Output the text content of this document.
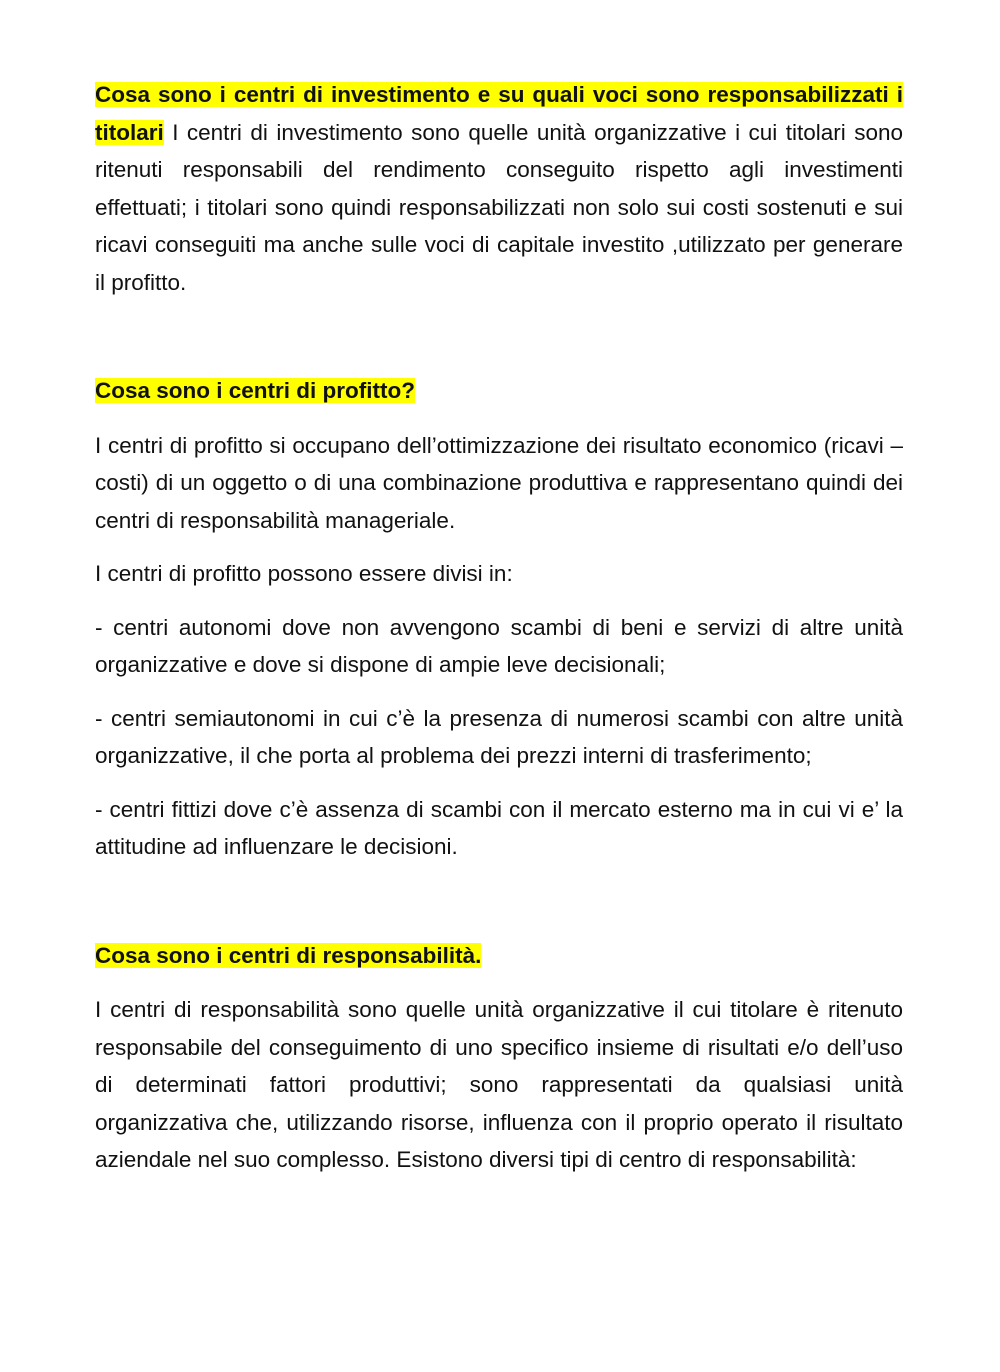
Cosa sono i centri di investimento e su quali voci sono responsabilizzati i titolari I centri di investimento sono quelle unità organizzative i cui titolari sono ritenuti responsabili del rendimento conseguito rispetto agli investimenti effettuati; i titolari sono quindi responsabilizzati non solo sui costi sostenuti e sui ricavi conseguiti ma anche sulle voci di capitale investito ,utilizzato per generare il profitto.

Cosa sono i centri di profitto?

I centri di profitto si occupano dell’ottimizzazione dei risultato economico (ricavi –costi) di un oggetto o di una combinazione produttiva e rappresentano quindi dei centri di responsabilità manageriale.

I centri di profitto possono essere divisi in:

- centri autonomi dove non avvengono scambi di beni e servizi di altre unità organizzative e dove si dispone di ampie leve decisionali;

- centri semiautonomi in cui c’è la presenza di numerosi scambi con altre unità organizzative, il che porta al problema dei prezzi interni di trasferimento;

- centri fittizi dove c’è assenza di scambi con il mercato esterno ma in cui vi e’ la attitudine ad influenzare le decisioni.

Cosa sono i centri di responsabilità.

I centri di responsabilità sono quelle unità organizzative il cui titolare è ritenuto responsabile del conseguimento di uno specifico insieme di risultati e/o dell’uso di determinati fattori produttivi; sono rappresentati da qualsiasi unità organizzativa che, utilizzando risorse, influenza con il proprio operato il risultato aziendale nel suo complesso. Esistono diversi tipi di centro di responsabilità:
